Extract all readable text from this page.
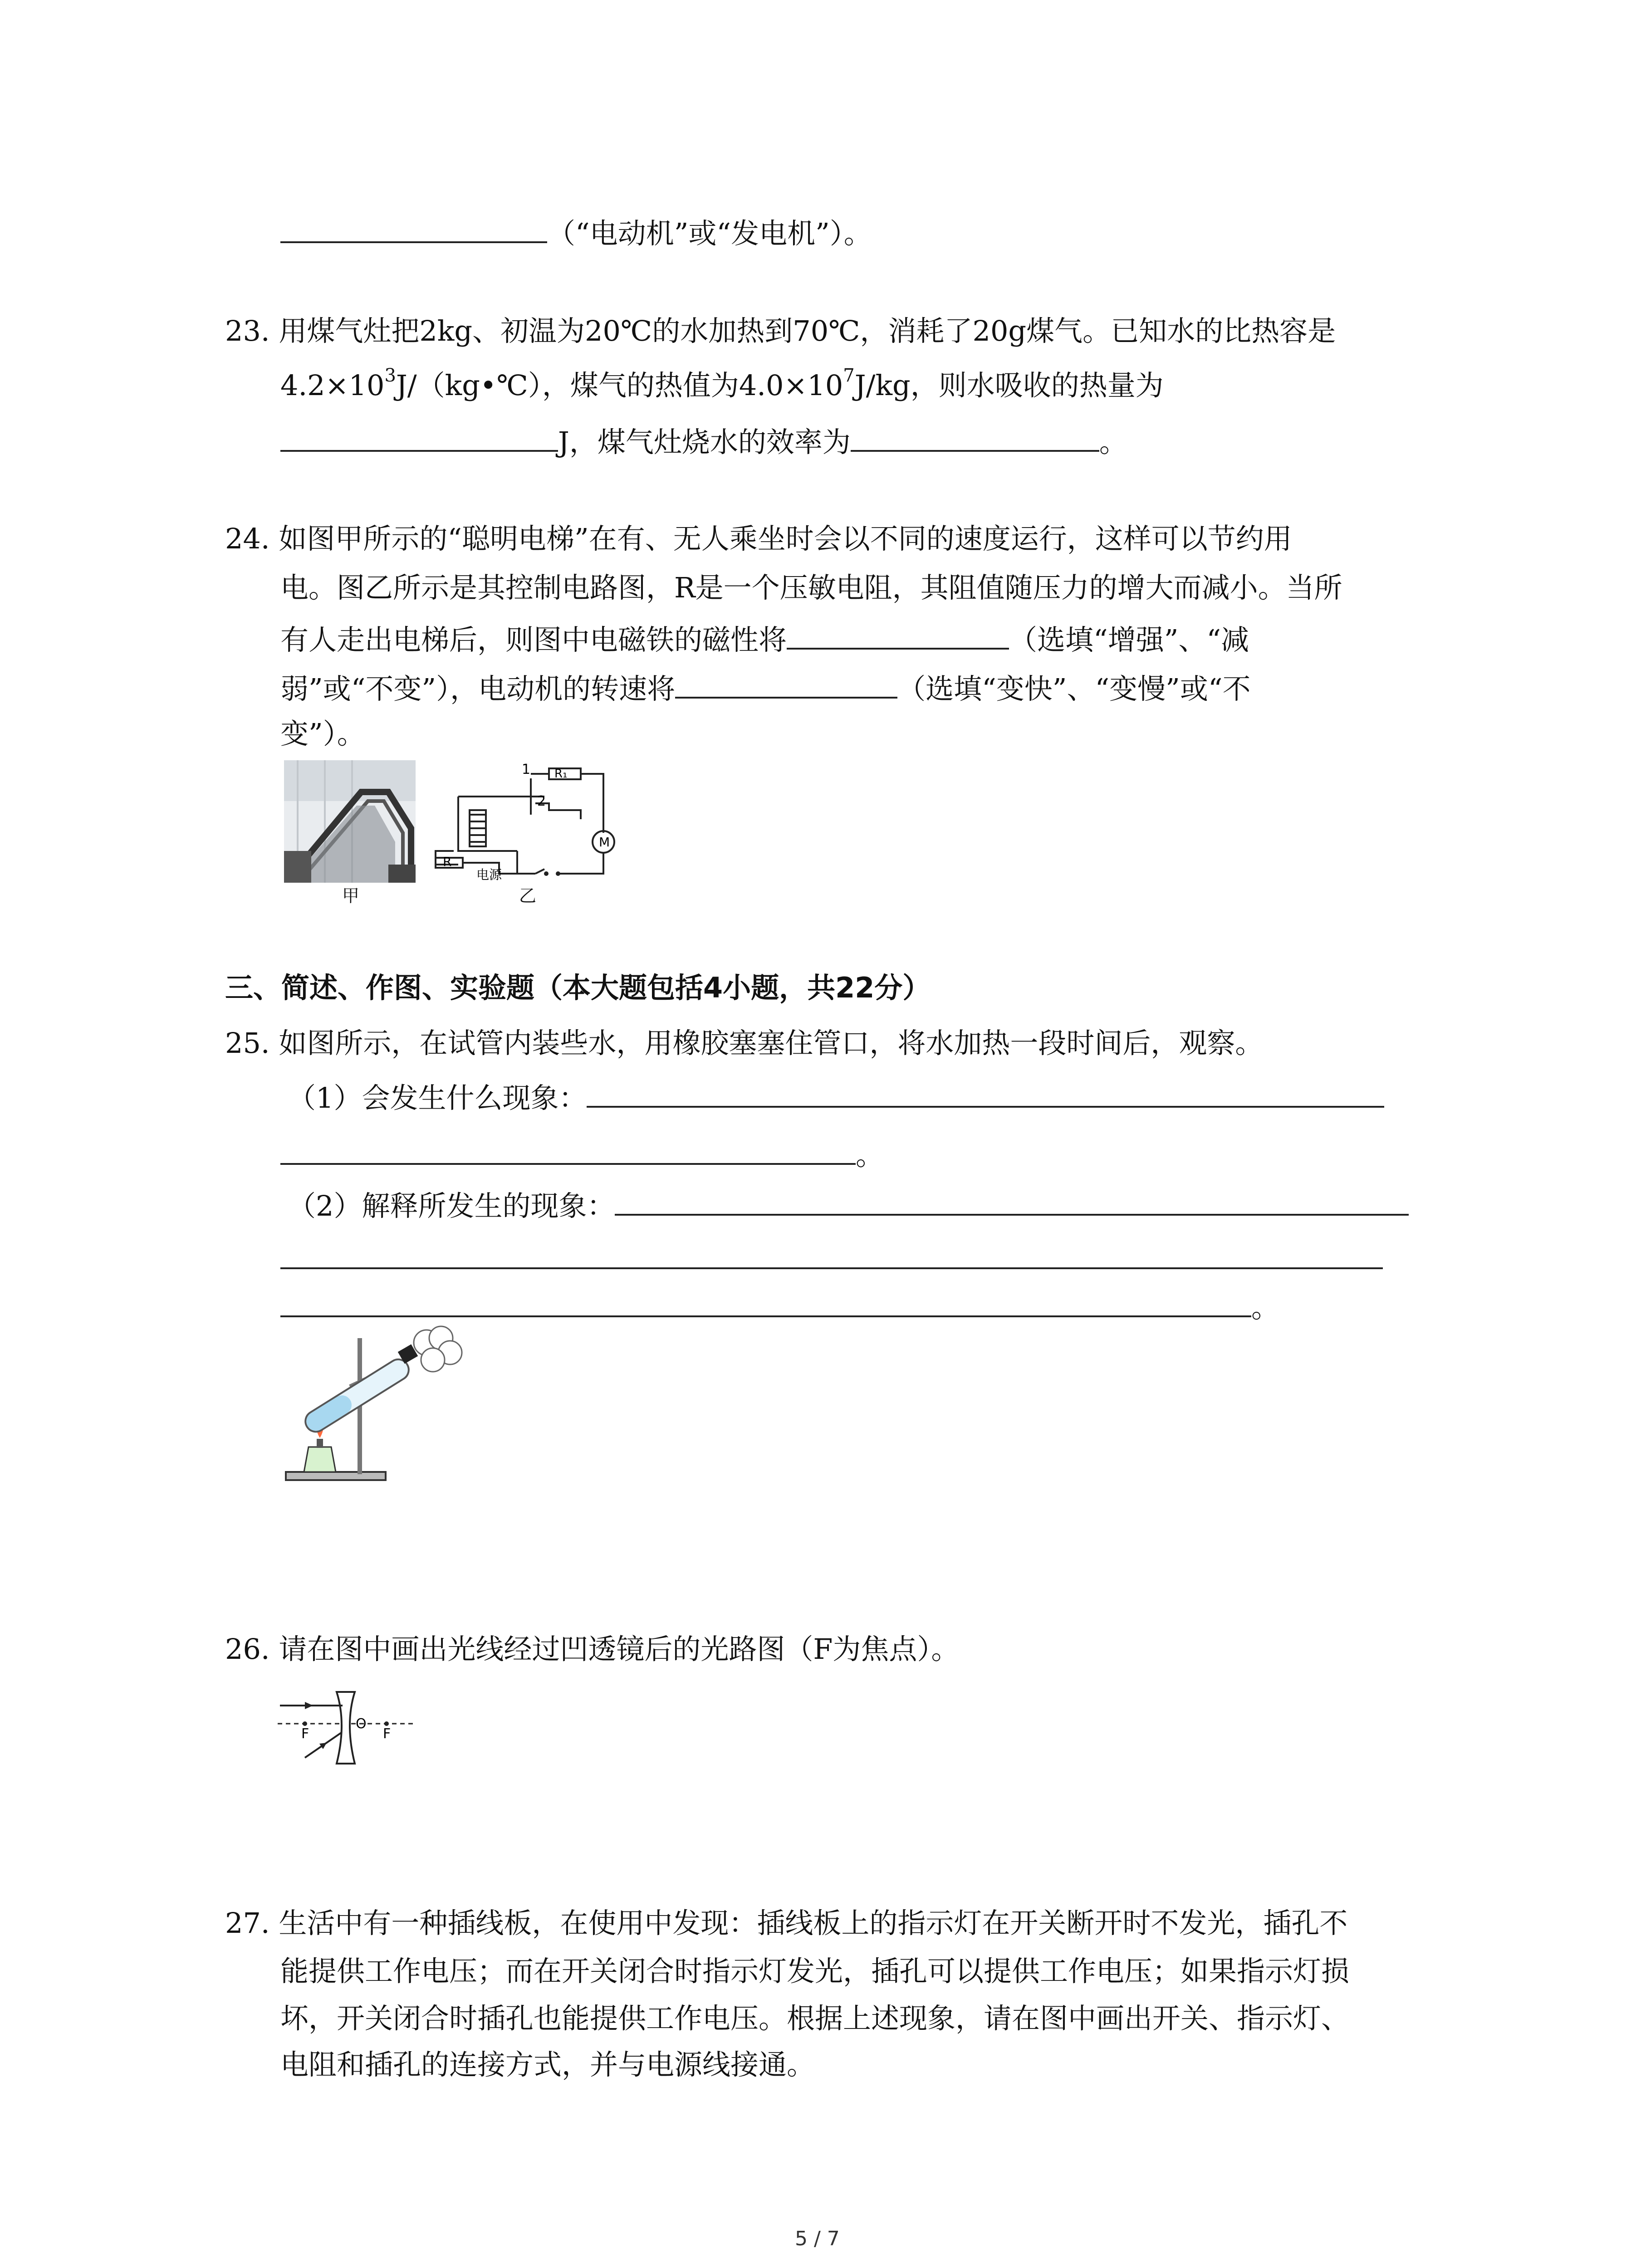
（“电动机”或“发电机”）。
23. 用煤气灶把2kg、初温为20℃的水加热到70℃，消耗了20g煤气。已知水的比热容是
$4.2\times 10^3J/(kg•℃)$，煤气的热值为$4.0\times 10^7J/kg$，则水吸收的热量为
J，煤气灶烧水的效率为	。
24. 如图甲所示的“聪明电梯”在有、无人乘坐时会以不同的速度运行，这样可以节约用
电。图乙所示是其控制电路图，R是一个压敏电阻，其阻值随压力的增大而减小。当所
有人走出电梯后，则图中电磁铁的磁性将	（选填“增强”、“减
弱”或“不变”），电动机的转速将	（选填“变快”、“变慢”或“不
变”）。
甲
1
2
R₁
M
R
电源
乙
三、简述、作图、实验题（本大题包括4小题，共22分）
25. 如图所示，在试管内装些水，用橡胶塞塞住管口，将水加热一段时间后，观察。
（1）会发生什么现象：
。
（2）解释所发生的现象：
。
26. 请在图中画出光线经过凹透镜后的光路图（F为焦点）。
F	F
O
27. 生活中有一种插线板，在使用中发现：插线板上的指示灯在开关断开时不发光，插孔不
能提供工作电压；而在开关闭合时指示灯发光，插孔可以提供工作电压；如果指示灯损
坏，开关闭合时插孔也能提供工作电压。根据上述现象，请在图中画出开关、指示灯、
电阻和插孔的连接方式，并与电源线接通。
5 / 7
